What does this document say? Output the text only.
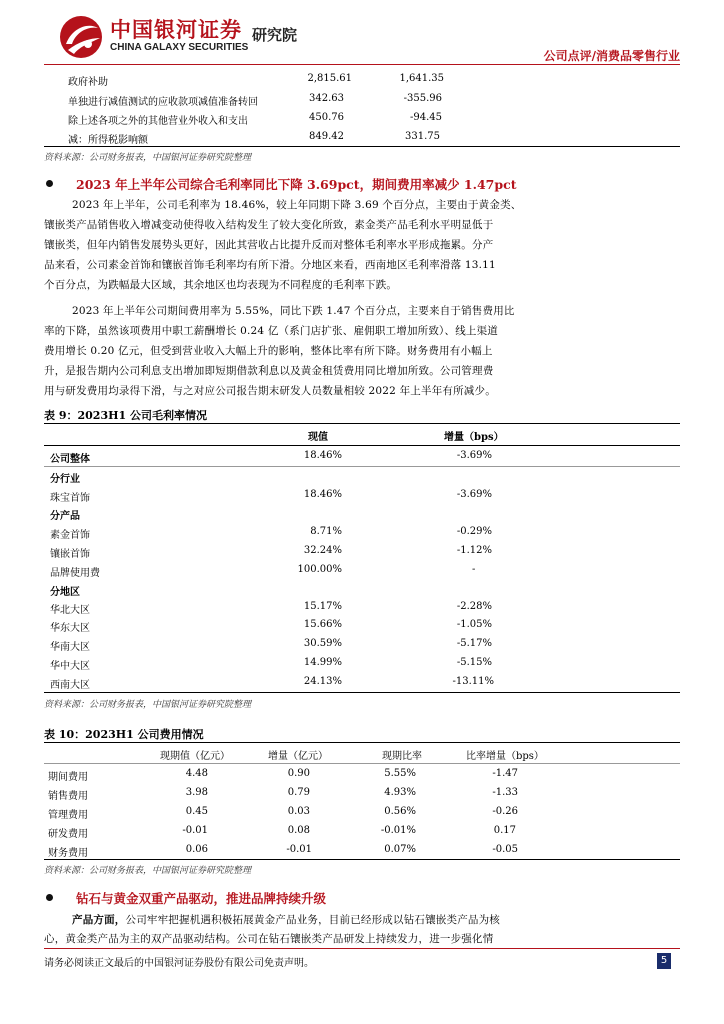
中国银河证券
CHINA GALAXY SECURITIES
研究院
公司点评/消费品零售行业
政府补助	2,815.61	1,641.35
单独进行减值测试的应收款项减值准备转回	342.63	-355.96
除上述各项之外的其他营业外收入和支出	450.76	-94.45
减：所得税影响额	849.42	331.75
资料来源：公司财务报表，中国银河证券研究院整理
2023 年上半年公司综合毛利率同比下降 3.69pct，期间费用率减少 1.47pct
2023 年上半年，公司毛利率为 18.46%，较上年同期下降 3.69 个百分点，主要由于黄金类、
镶嵌类产品销售收入增减变动使得收入结构发生了较大变化所致，素金类产品毛利水平明显低于
镶嵌类，但年内销售发展势头更好，因此其营收占比提升反而对整体毛利率水平形成拖累。分产
品来看，公司素金首饰和镶嵌首饰毛利率均有所下滑。分地区来看，西南地区毛利率滑落 13.11
个百分点，为跌幅最大区域，其余地区也均表现为不同程度的毛利率下跌。
2023 年上半年公司期间费用率为 5.55%，同比下跌 1.47 个百分点，主要来自于销售费用比
率的下降，虽然该项费用中职工薪酬增长 0.24 亿（系门店扩张、雇佣职工增加所致）、线上渠道
费用增长 0.20 亿元，但受到营业收入大幅上升的影响，整体比率有所下降。财务费用有小幅上
升，是报告期内公司利息支出增加即短期借款利息以及黄金租赁费用同比增加所致。公司管理费
用与研发费用均录得下滑，与之对应公司报告期末研发人员数量相较 2022 年上半年有所减少。
表 9：2023H1 公司毛利率情况
现值	增量（bps）
公司整体	18.46%	-3.69%
分行业
珠宝首饰	18.46%	-3.69%
分产品
素金首饰	8.71%	-0.29%
镶嵌首饰	32.24%	-1.12%
品牌使用费	100.00%	-
分地区
华北大区	15.17%	-2.28%
华东大区	15.66%	-1.05%
华南大区	30.59%	-5.17%
华中大区	14.99%	-5.15%
西南大区	24.13%	-13.11%
资料来源：公司财务报表，中国银河证券研究院整理
表 10：2023H1 公司费用情况
现期值（亿元）	增量（亿元）	现期比率	比率增量（bps）
期间费用	4.48	0.90	5.55%	-1.47
销售费用	3.98	0.79	4.93%	-1.33
管理费用	0.45	0.03	0.56%	-0.26
研发费用	-0.01	0.08	-0.01%	0.17
财务费用	0.06	-0.01	0.07%	-0.05
资料来源：公司财务报表，中国银河证券研究院整理
钻石与黄金双重产品驱动，推进品牌持续升级
产品方面，公司牢牢把握机遇积极拓展黄金产品业务，目前已经形成以钻石镶嵌类产品为核
心，黄金类产品为主的双产品驱动结构。公司在钻石镶嵌类产品研发上持续发力，进一步强化情
请务必阅读正文最后的中国银河证券股份有限公司免责声明。	5
